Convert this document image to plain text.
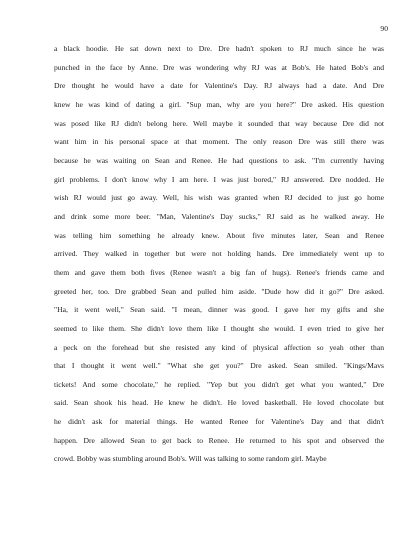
90
a black hoodie. He sat down next to Dre. Dre hadn't spoken to RJ much since he was
punched in the face by Anne. Dre was wondering why RJ was at Bob's. He hated Bob's and
Dre thought he would have a date for Valentine's Day. RJ always had a date. And Dre
knew he was kind of dating a girl. "Sup man, why are you here?" Dre asked. His question
was posed like RJ didn't belong here. Well maybe it sounded that way because Dre did not
want him in his personal space at that moment. The only reason Dre was still there was
because he was waiting on Sean and Renee. He had questions to ask. "I'm currently having
girl problems. I don't know why I am here. I was just bored," RJ answered. Dre nodded. He
wish RJ would just go away. Well, his wish was granted when RJ decided to just go home
and drink some more beer. "Man, Valentine's Day sucks," RJ said as he walked away. He
was telling him something he already knew. About five minutes later, Sean and Renee
arrived. They walked in together but were not holding hands. Dre immediately went up to
them and gave them both fives (Renee wasn't a big fan of hugs). Renee's friends came and
greeted her, too. Dre grabbed Sean and pulled him aside. "Dude how did it go?" Dre asked.
"Ha, it went well," Sean said. "I mean, dinner was good. I gave her my gifts and she
seemed to like them. She didn't love them like I thought she would. I even tried to give her
a peck on the forehead but she resisted any kind of physical affection so yeah other than
that I thought it went well." "What she get you?" Dre asked. Sean smiled. "Kings/Mavs
tickets! And some chocolate," he replied. "Yep but you didn't get what you wanted," Dre
said. Sean shook his head. He knew he didn't. He loved basketball. He loved chocolate but
he didn't ask for material things. He wanted Renee for Valentine's Day and that didn't
happen. Dre allowed Sean to get back to Renee. He returned to his spot and observed the
crowd. Bobby was stumbling around Bob's. Will was talking to some random girl. Maybe
